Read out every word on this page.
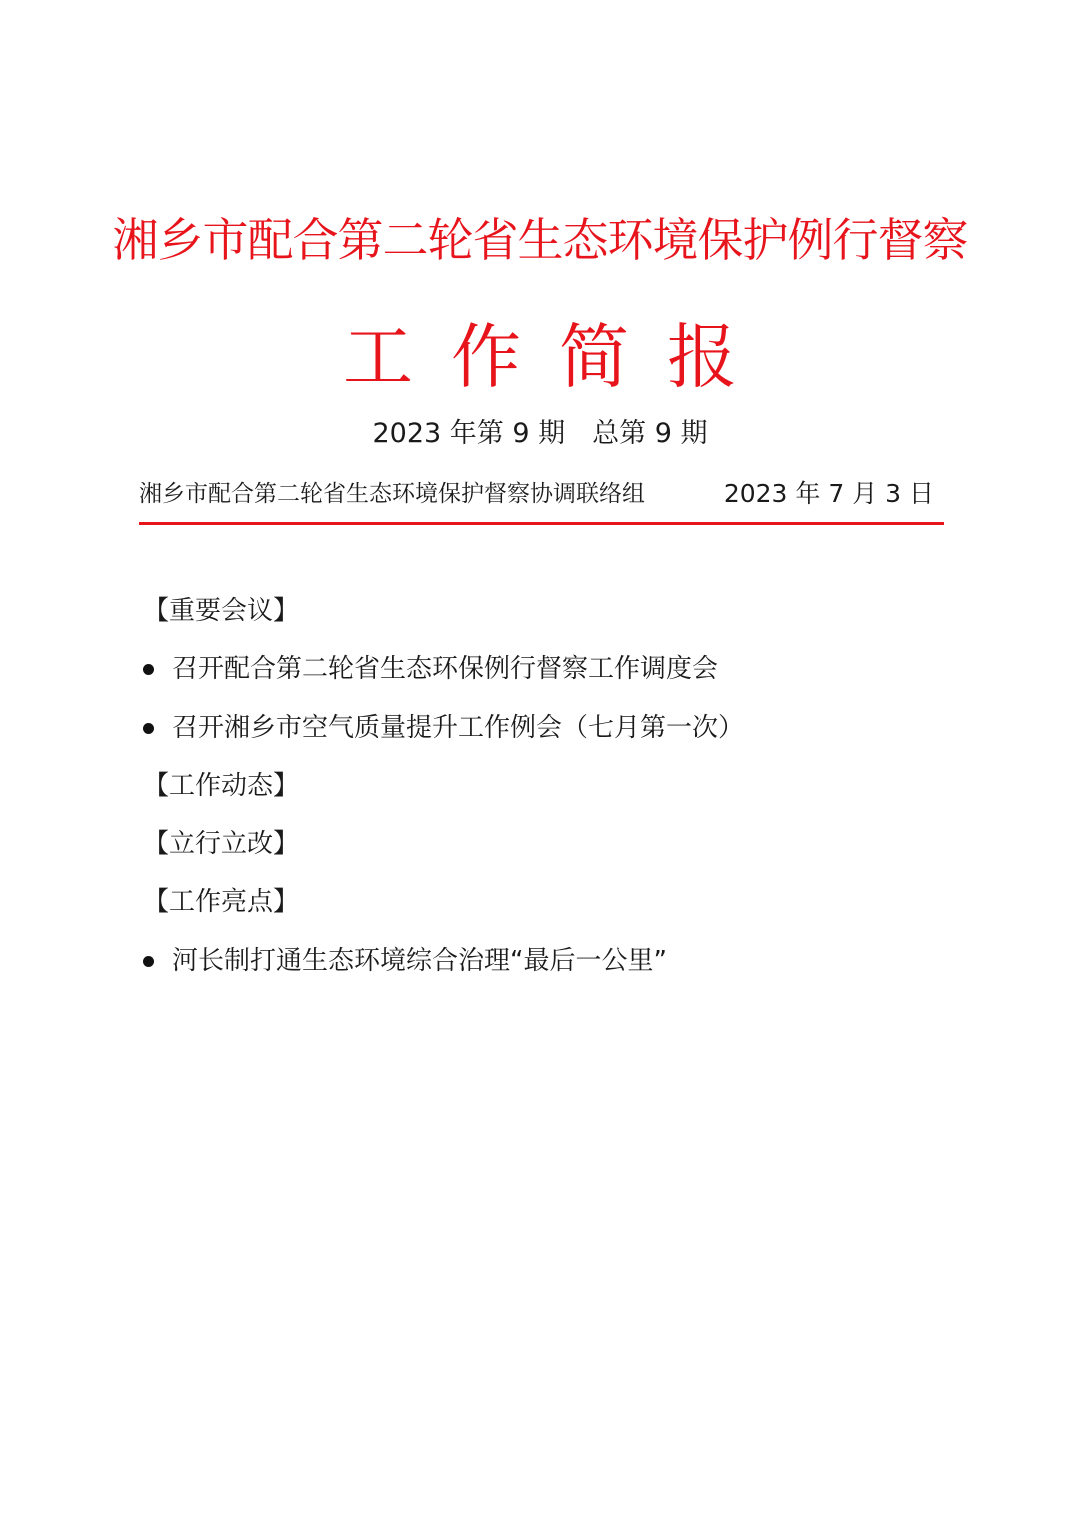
湘乡市配合第二轮省生态环境保护例行督察
工作简报
2023 年第 9 期　总第 9 期
湘乡市配合第二轮省生态环境保护督察协调联络组	2023 年 7 月 3 日
【重要会议】
召开配合第二轮省生态环保例行督察工作调度会
召开湘乡市空气质量提升工作例会（七月第一次）
【工作动态】
【立行立改】
【工作亮点】
河长制打通生态环境综合治理“最后一公里”
